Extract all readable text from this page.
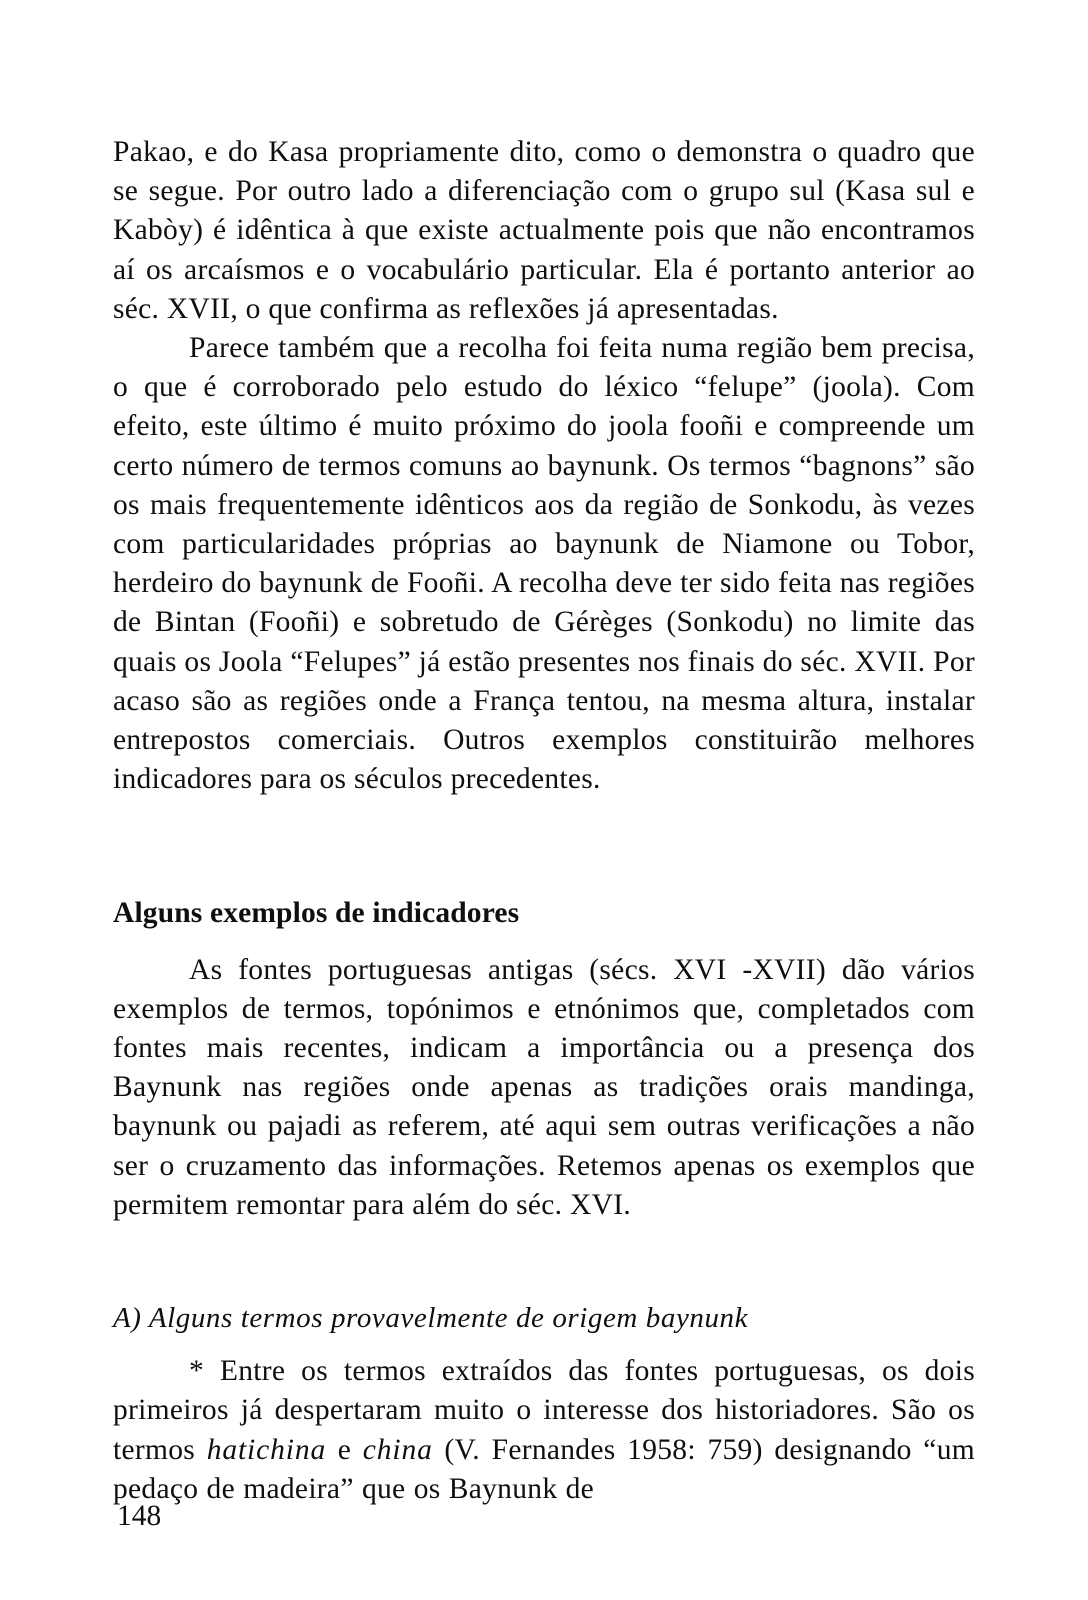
Pakao, e do Kasa propriamente dito, como o demonstra o quadro que se segue. Por outro lado a diferenciação com o grupo sul (Kasa sul e Kabòy) é idêntica à que existe actualmente pois que não encontramos aí os arcaísmos e o vocabulário particular. Ela é portanto anterior ao séc. XVII, o que confirma as reflexões já apresentadas.

Parece também que a recolha foi feita numa região bem precisa, o que é corroborado pelo estudo do léxico “felupe” (joola). Com efeito, este último é muito próximo do joola fooñi e compreende um certo número de termos comuns ao baynunk. Os termos “bagnons” são os mais frequentemente idênticos aos da região de Sonkodu, às vezes com particularidades próprias ao baynunk de Niamone ou Tobor, herdeiro do baynunk de Fooñi. A recolha deve ter sido feita nas regiões de Bintan (Fooñi) e sobretudo de Gérèges (Sonkodu) no limite das quais os Joola “Felupes” já estão presentes nos finais do séc. XVII. Por acaso são as regiões onde a França tentou, na mesma altura, instalar entrepostos comerciais. Outros exemplos constituirão melhores indicadores para os séculos precedentes.

Alguns exemplos de indicadores

As fontes portuguesas antigas (sécs. XVI -XVII) dão vários exemplos de termos, topónimos e etnónimos que, completados com fontes mais recentes, indicam a importância ou a presença dos Baynunk nas regiões onde apenas as tradições orais mandinga, baynunk ou pajadi as referem, até aqui sem outras verificações a não ser o cruzamento das informações. Retemos apenas os exemplos que permitem remontar para além do séc. XVI.

A) Alguns termos provavelmente de origem baynunk

* Entre os termos extraídos das fontes portuguesas, os dois primeiros já despertaram muito o interesse dos historiadores. São os termos hatichina e china (V. Fernandes 1958: 759) designando “um pedaço de madeira” que os Baynunk de

148
